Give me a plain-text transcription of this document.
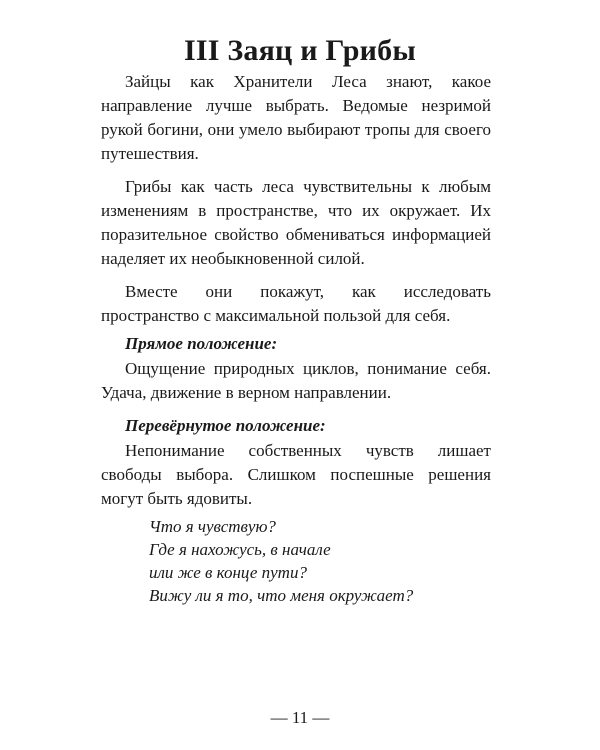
III Заяц и Грибы

Зайцы как Хранители Леса знают, какое направление лучше выбрать. Ведомые незримой рукой богини, они умело выбирают тропы для своего путешествия.

Грибы как часть леса чувствительны к любым изменениям в пространстве, что их окружает. Их поразительное свойство обмениваться информацией наделяет их необыкновенной силой.

Вместе они покажут, как исследовать пространство с максимальной пользой для себя.

Прямое положение:

Ощущение природных циклов, понимание себя. Удача, движение в верном направлении.

Перевёрнутое положение:

Непонимание собственных чувств лишает свободы выбора. Слишком поспешные решения могут быть ядовиты.

Что я чувствую?
Где я нахожусь, в начале
или же в конце пути?
Вижу ли я то, что меня окружает?
— 11 —
